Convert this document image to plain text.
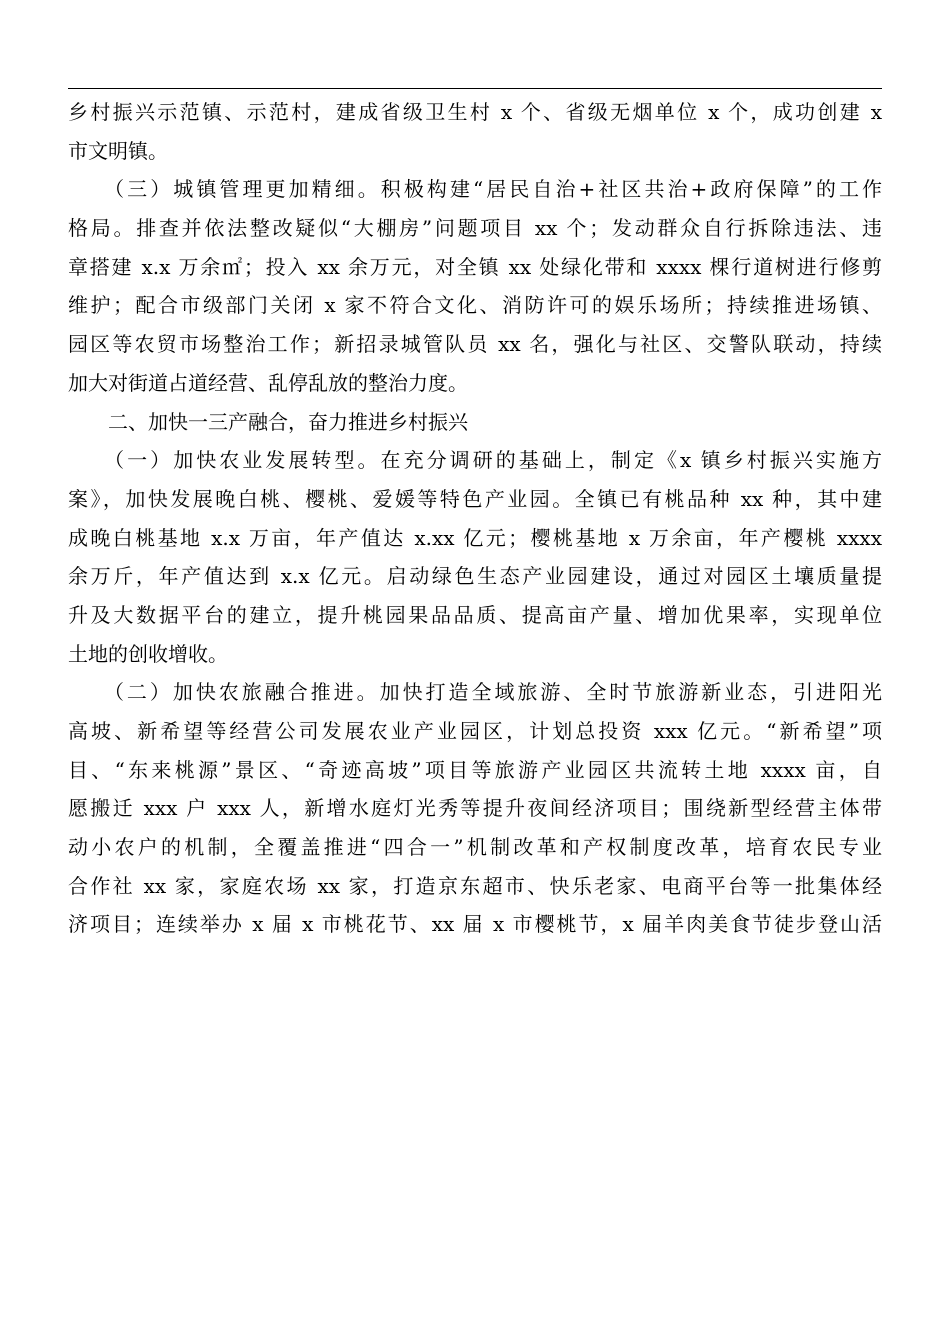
乡村振兴示范镇、示范村，建成省级卫生村 x 个、省级无烟单位 x 个，成功创建 x
市文明镇。
　　（三）城镇管理更加精细。积极构建“居民自治+社区共治+政府保障”的工作
格局。排查并依法整改疑似“大棚房”问题项目 xx 个；发动群众自行拆除违法、违
章搭建 x.x 万余㎡；投入 xx 余万元，对全镇 xx 处绿化带和 xxxx 棵行道树进行修剪
维护；配合市级部门关闭 x 家不符合文化、消防许可的娱乐场所；持续推进场镇、
园区等农贸市场整治工作；新招录城管队员 xx 名，强化与社区、交警队联动，持续
加大对街道占道经营、乱停乱放的整治力度。
　　二、加快一三产融合，奋力推进乡村振兴
　　（一）加快农业发展转型。在充分调研的基础上，制定《x 镇乡村振兴实施方
案》，加快发展晚白桃、樱桃、爱媛等特色产业园。全镇已有桃品种 xx 种，其中建
成晚白桃基地 x.x 万亩，年产值达 x.xx 亿元；樱桃基地 x 万余亩，年产樱桃 xxxx
余万斤，年产值达到 x.x 亿元。启动绿色生态产业园建设，通过对园区土壤质量提
升及大数据平台的建立，提升桃园果品品质、提高亩产量、增加优果率，实现单位
土地的创收增收。
　　（二）加快农旅融合推进。加快打造全域旅游、全时节旅游新业态，引进阳光
高坡、新希望等经营公司发展农业产业园区，计划总投资 xxx 亿元。“新希望”项
目、“东来桃源”景区、“奇迹高坡”项目等旅游产业园区共流转土地 xxxx 亩，自
愿搬迁 xxx 户 xxx 人，新增水庭灯光秀等提升夜间经济项目；围绕新型经营主体带
动小农户的机制，全覆盖推进“四合一”机制改革和产权制度改革，培育农民专业
合作社 xx 家，家庭农场 xx 家，打造京东超市、快乐老家、电商平台等一批集体经
济项目；连续举办 x 届 x 市桃花节、xx 届 x 市樱桃节，x 届羊肉美食节徒步登山活
